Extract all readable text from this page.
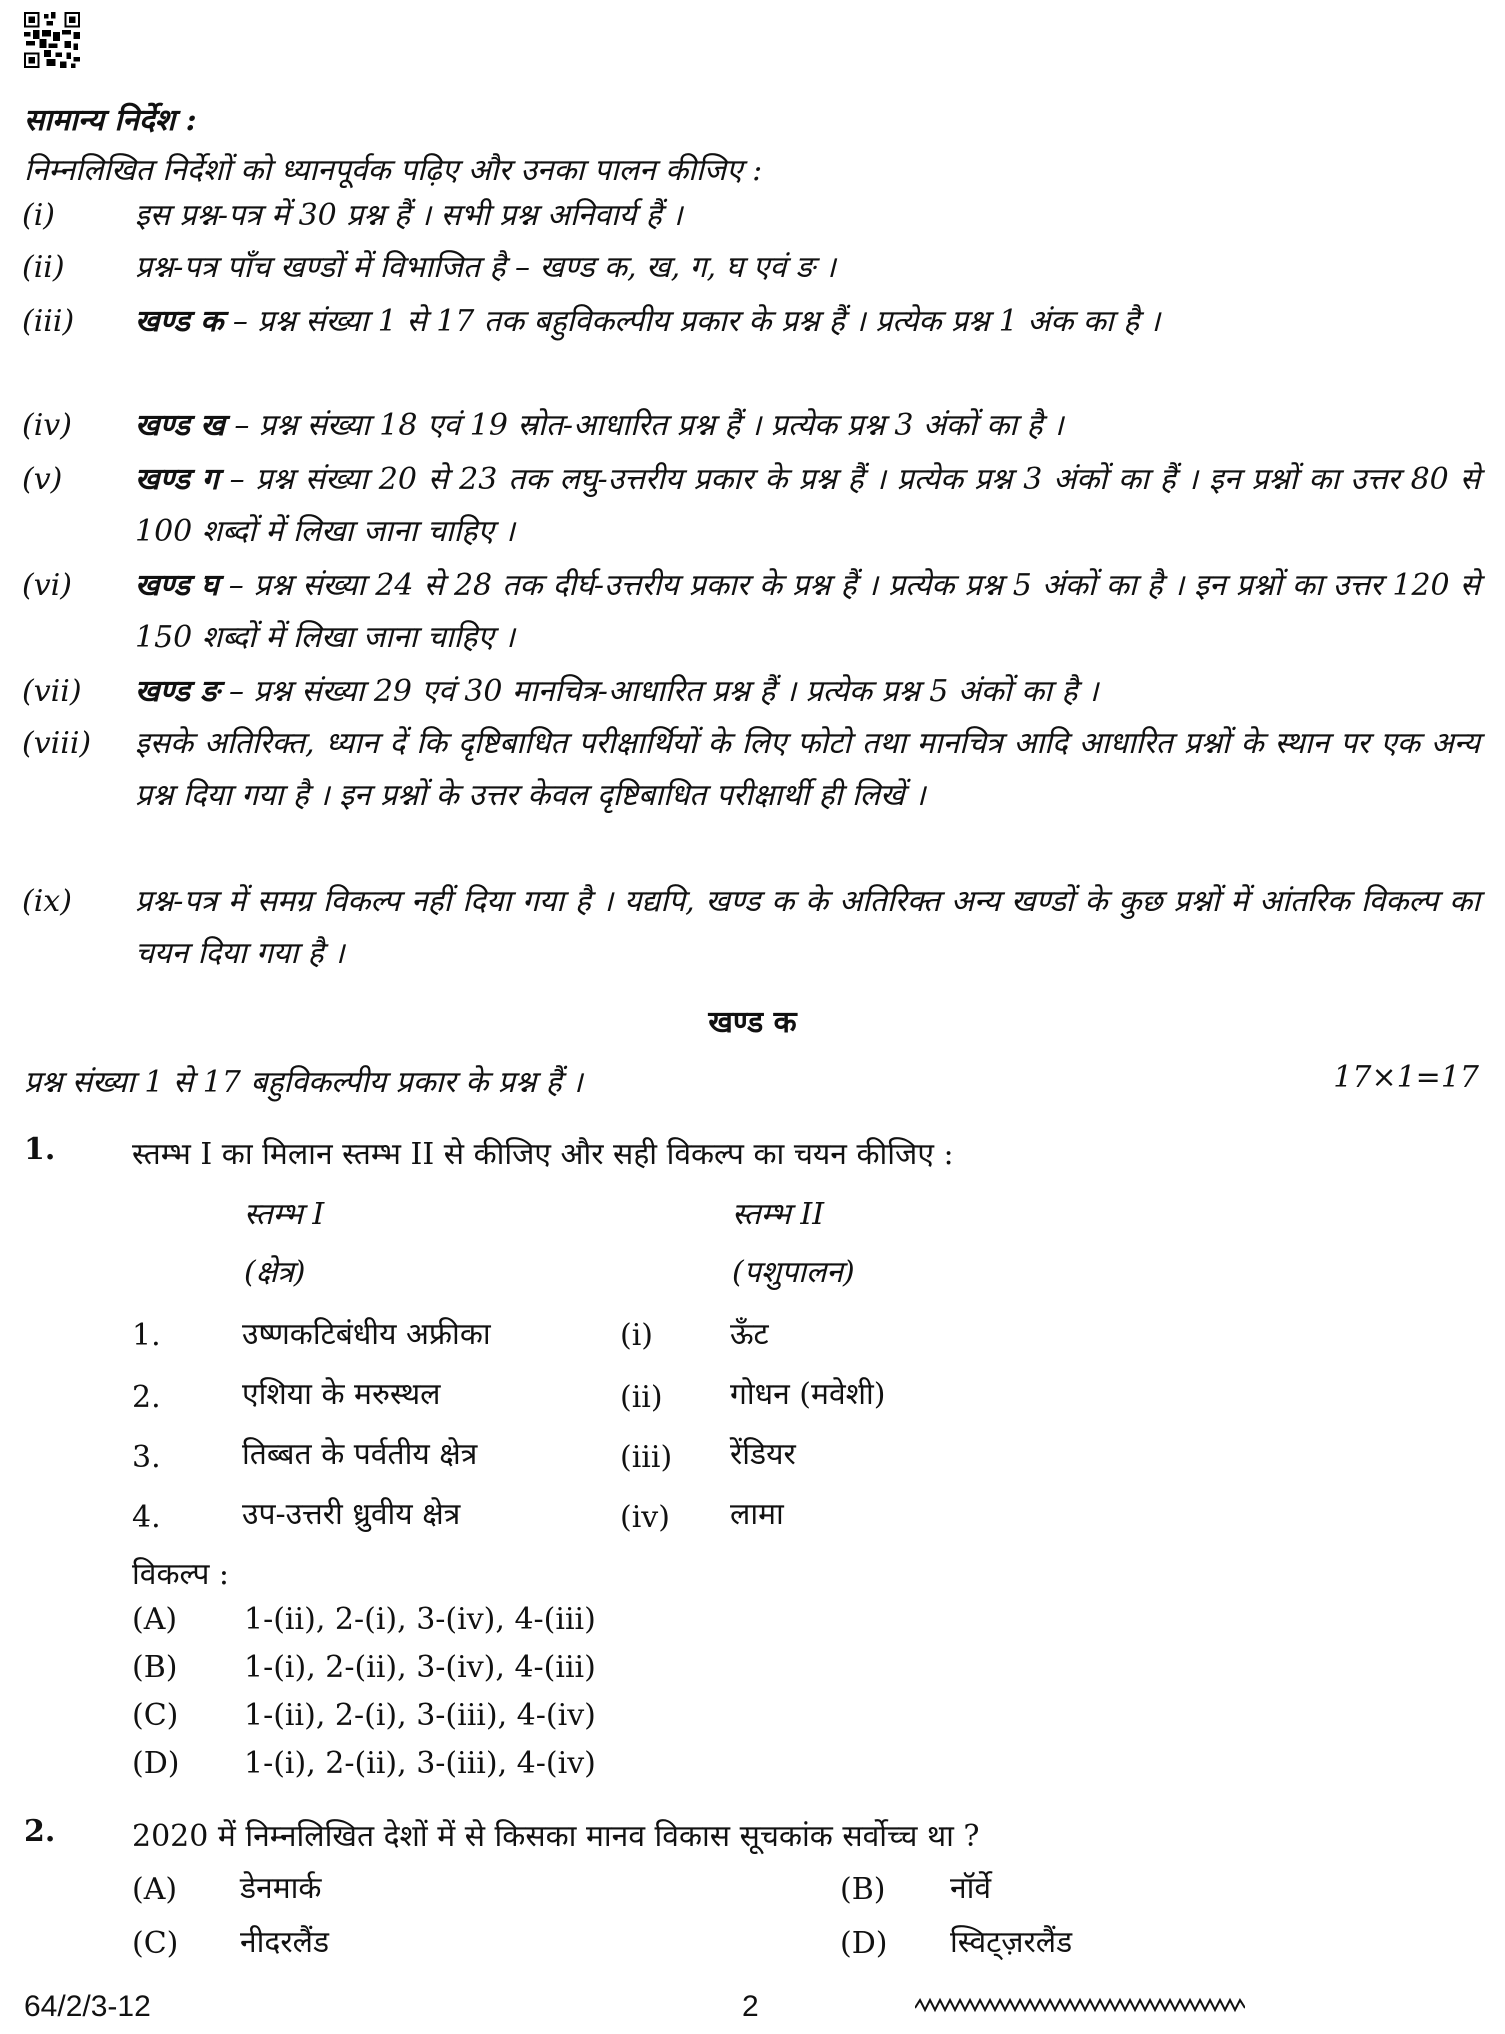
सामान्य निर्देश :
निम्नलिखित निर्देशों को ध्यानपूर्वक पढ़िए और उनका पालन कीजिए :
(i)	इस प्रश्न-पत्र में 30 प्रश्न हैं । सभी प्रश्न अनिवार्य हैं ।
(ii) प्रश्न-पत्र पाँच खण्डों में विभाजित है – खण्ड क, ख, ग, घ एवं ङ ।
(iii) खण्ड क – प्रश्न संख्या 1 से 17 तक बहुविकल्पीय प्रकार के प्रश्न हैं । प्रत्येक प्रश्न 1 अंक का है ।
(iv) खण्ड ख – प्रश्न संख्या 18 एवं 19 स्रोत-आधारित प्रश्न हैं । प्रत्येक प्रश्न 3 अंकों का है ।
(v) खण्ड ग – प्रश्न संख्या 20 से 23 तक लघु-उत्तरीय प्रकार के प्रश्न हैं । प्रत्येक प्रश्न 3 अंकों का हैं । इन प्रश्नों का उत्तर 80 से 100 शब्दों में लिखा जाना चाहिए ।
(vi) खण्ड घ – प्रश्न संख्या 24 से 28 तक दीर्घ-उत्तरीय प्रकार के प्रश्न हैं । प्रत्येक प्रश्न 5 अंकों का है । इन प्रश्नों का उत्तर 120 से 150 शब्दों में लिखा जाना चाहिए ।
(vii) खण्ड ङ – प्रश्न संख्या 29 एवं 30 मानचित्र-आधारित प्रश्न हैं । प्रत्येक प्रश्न 5 अंकों का है ।
(viii) इसके अतिरिक्त, ध्यान दें कि दृष्टिबाधित परीक्षार्थियों के लिए फोटो तथा मानचित्र आदि आधारित प्रश्नों के स्थान पर एक अन्य प्रश्न दिया गया है । इन प्रश्नों के उत्तर केवल दृष्टिबाधित परीक्षार्थी ही लिखें ।
(ix) प्रश्न-पत्र में समग्र विकल्प नहीं दिया गया है । यद्यपि, खण्ड क के अतिरिक्त अन्य खण्डों के कुछ प्रश्नों में आंतरिक विकल्प का चयन दिया गया है ।
खण्ड क
प्रश्न संख्या 1 से 17 बहुविकल्पीय प्रकार के प्रश्न हैं ।	17×1=17
1.	स्तम्भ I का मिलान स्तम्भ II से कीजिए और सही विकल्प का चयन कीजिए :
स्तम्भ I	स्तम्भ II
(क्षेत्र)	(पशुपालन)
1.	उष्णकटिबंधीय अफ्रीका	(i)	ऊँट
2.	एशिया के मरुस्थल	(ii) गोधन (मवेशी)
3.	तिब्बत के पर्वतीय क्षेत्र	(iii) रेंडियर
4.	उप-उत्तरी ध्रुवीय क्षेत्र	(iv) लामा
विकल्प :
(A) 1-(ii), 2-(i), 3-(iv), 4-(iii)
(B) 1-(i), 2-(ii), 3-(iv), 4-(iii)
(C) 1-(ii), 2-(i), 3-(iii), 4-(iv)
(D) 1-(i), 2-(ii), 3-(iii), 4-(iv)
2.	2020 में निम्नलिखित देशों में से किसका मानव विकास सूचकांक सर्वोच्च था ?
(A) डेनमार्क	(B) नॉर्वे
(C) नीदरलैंड	(D) स्विट्ज़रलैंड
64/2/3-12	2
